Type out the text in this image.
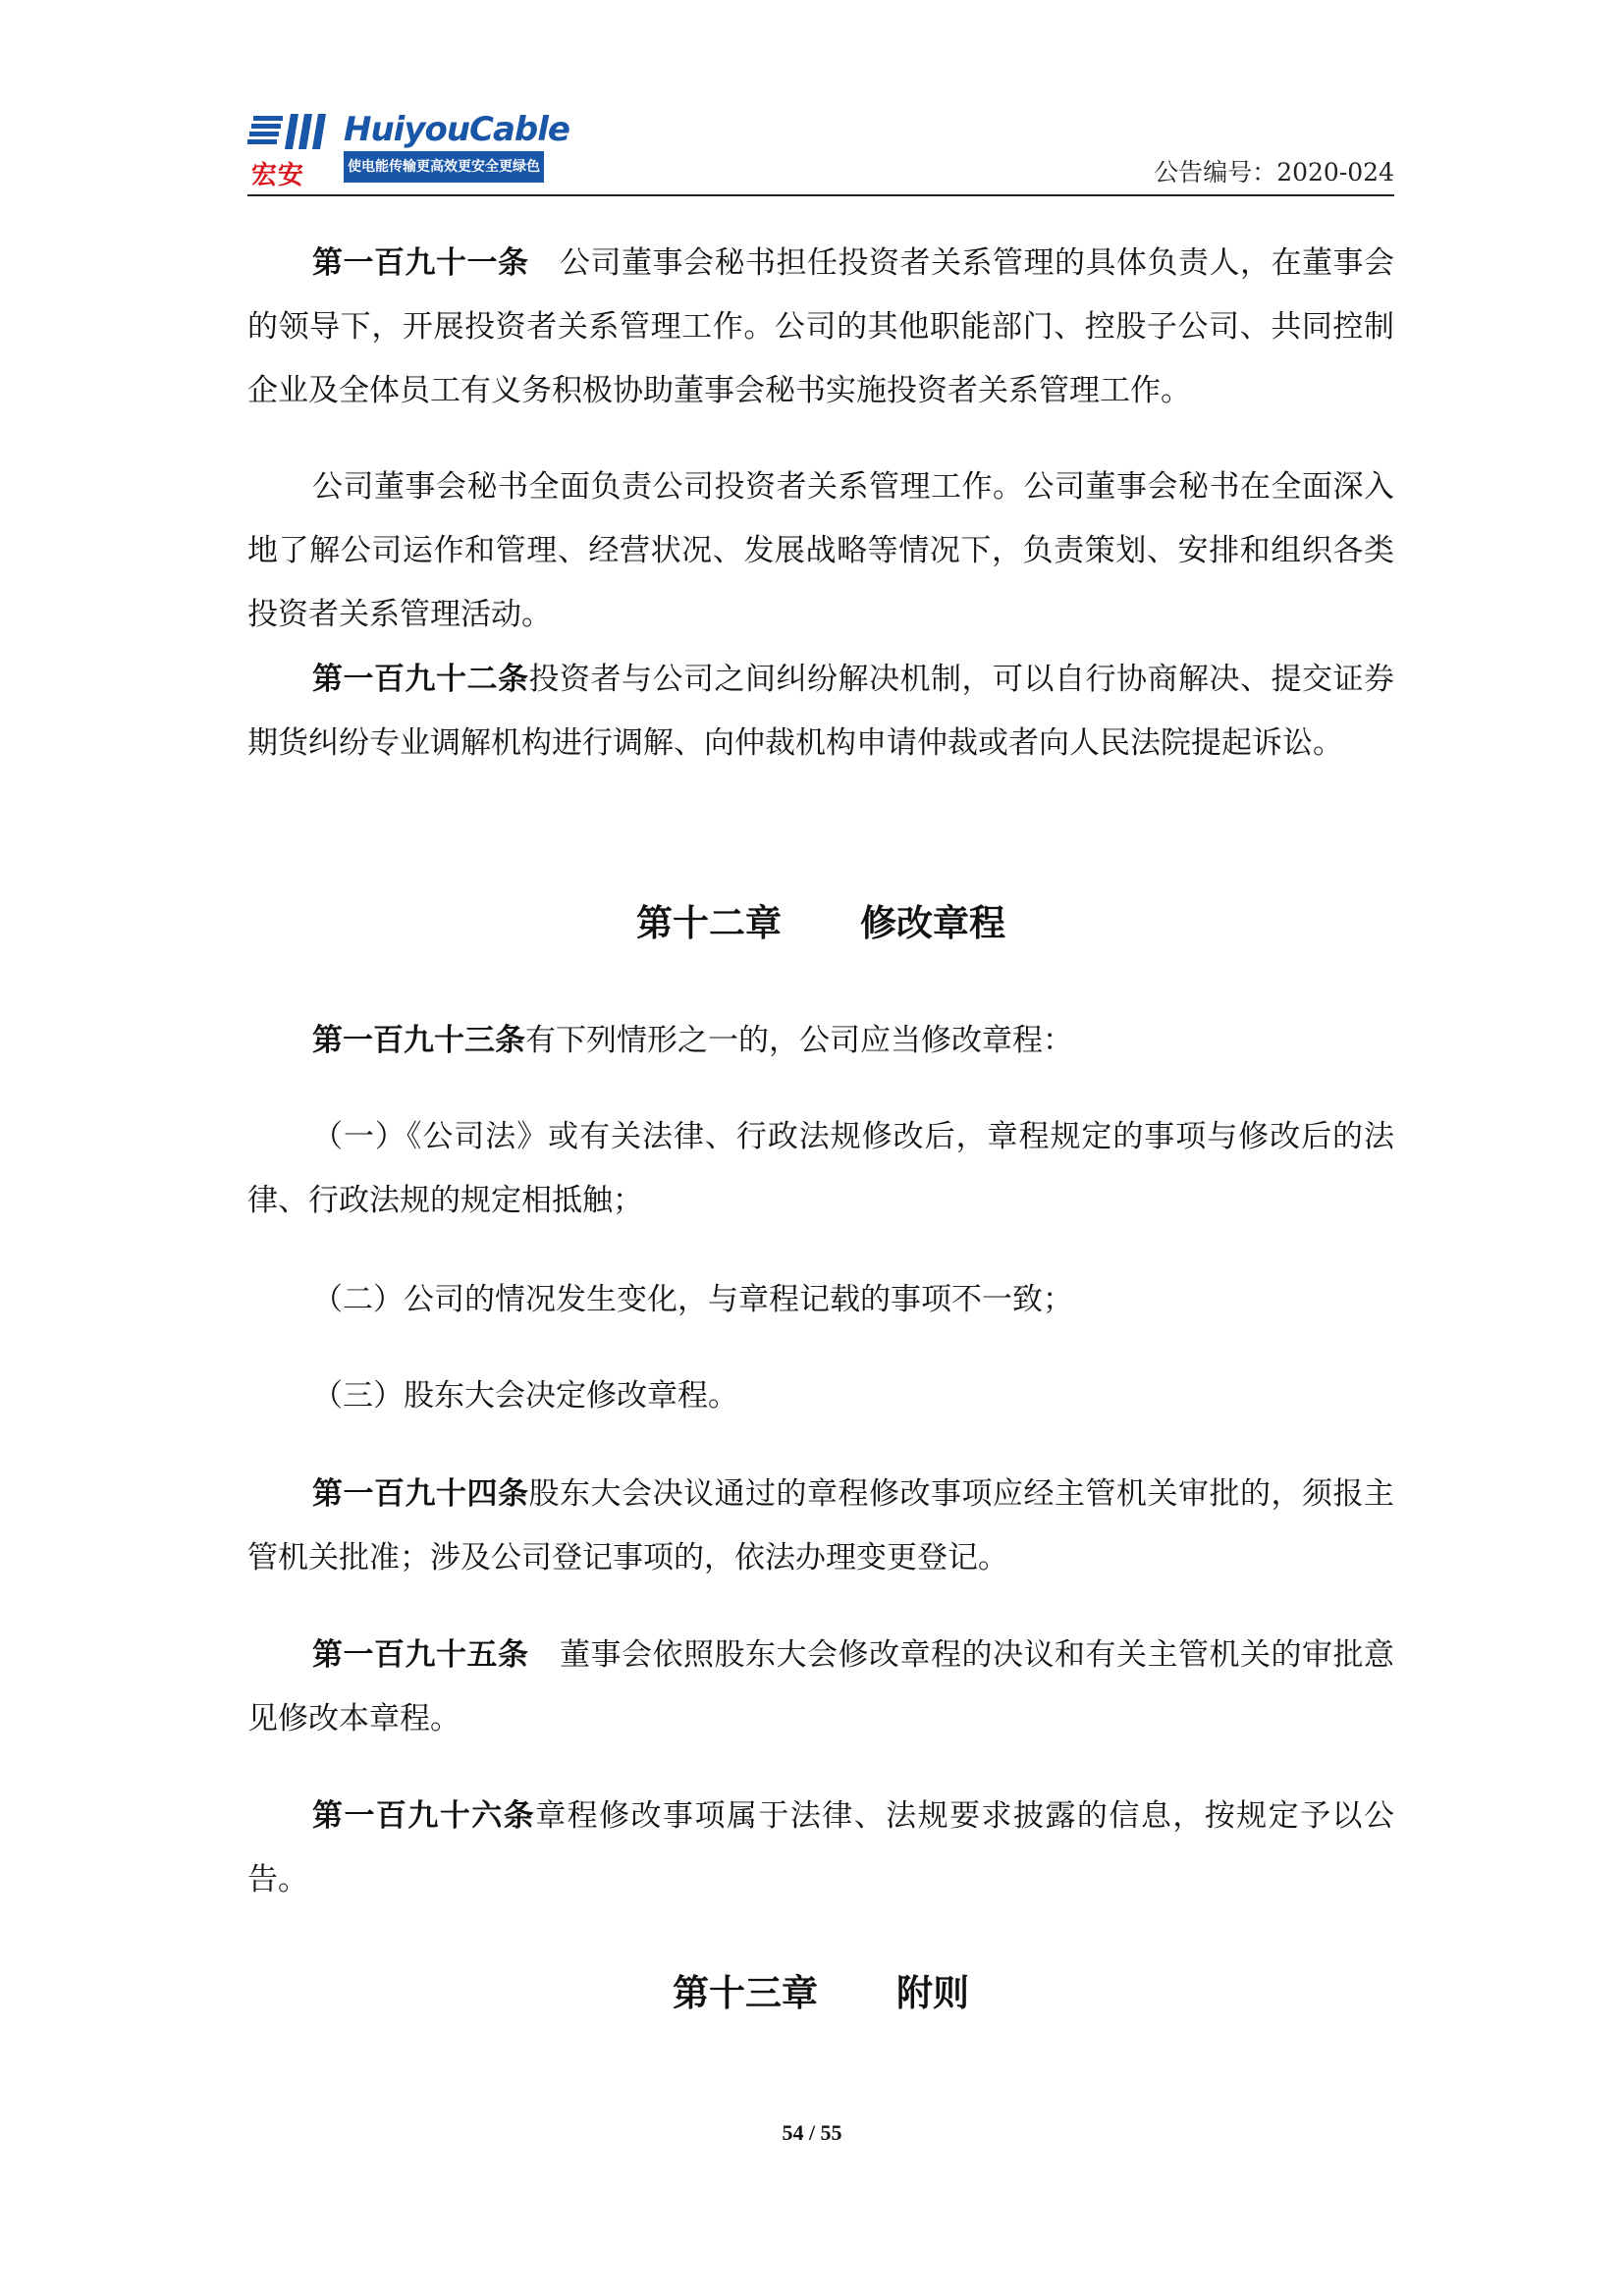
宏安
HuiyouCable
使电能传输更高效更安全更绿色	公告编号：2020-024

第一百九十一条　公司董事会秘书担任投资者关系管理的具体负责人，在董事会的领导下，开展投资者关系管理工作。公司的其他职能部门、控股子公司、共同控制企业及全体员工有义务积极协助董事会秘书实施投资者关系管理工作。

公司董事会秘书全面负责公司投资者关系管理工作。公司董事会秘书在全面深入地了解公司运作和管理、经营状况、发展战略等情况下，负责策划、安排和组织各类投资者关系管理活动。

第一百九十二条投资者与公司之间纠纷解决机制，可以自行协商解决、提交证券期货纠纷专业调解机构进行调解、向仲裁机构申请仲裁或者向人民法院提起诉讼。

第十二章 修改章程

第一百九十三条有下列情形之一的，公司应当修改章程：

（一）《公司法》或有关法律、行政法规修改后，章程规定的事项与修改后的法律、行政法规的规定相抵触；

（二）公司的情况发生变化，与章程记载的事项不一致；

（三）股东大会决定修改章程。

第一百九十四条股东大会决议通过的章程修改事项应经主管机关审批的，须报主管机关批准；涉及公司登记事项的，依法办理变更登记。

第一百九十五条　董事会依照股东大会修改章程的决议和有关主管机关的审批意见修改本章程。

第一百九十六条章程修改事项属于法律、法规要求披露的信息，按规定予以公告。

第十三章 附则
54 / 55
